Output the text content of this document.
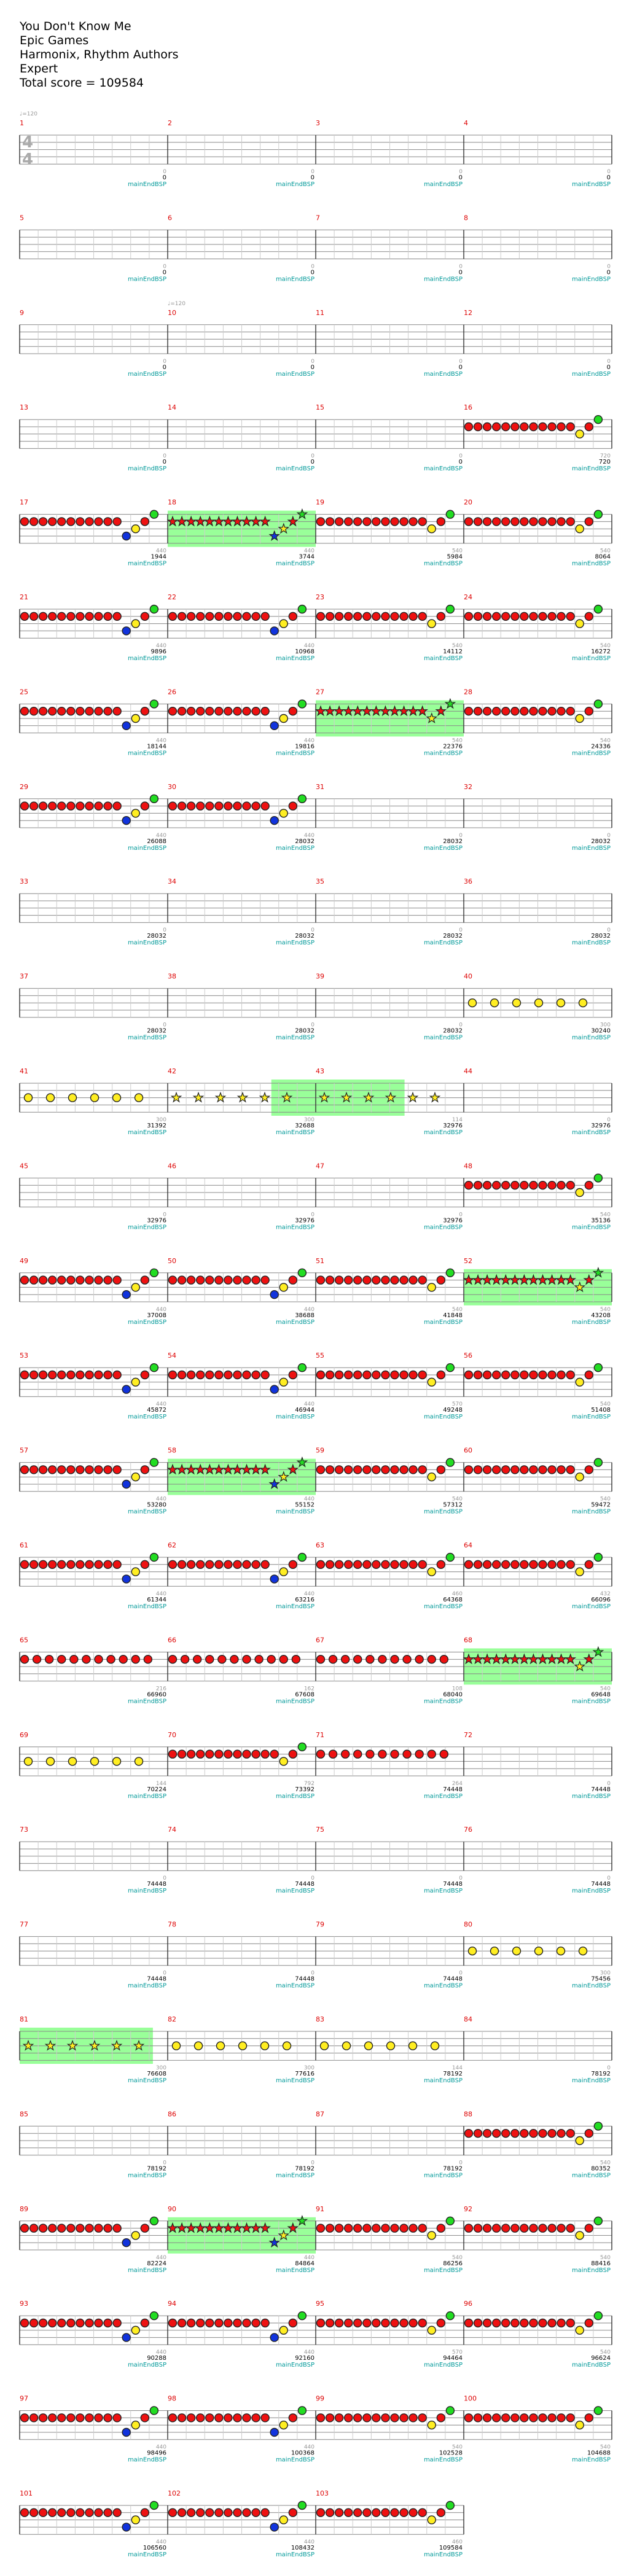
You Don't Know Me
Epic Games
Harmonix, Rhythm Authors
Expert
Total score = 109584
1
0
0
mainEndBSP
2
0
0
mainEndBSP
3
0
0
mainEndBSP
4
0
0
mainEndBSP
5
0
0
mainEndBSP
6
0
0
mainEndBSP
7
0
0
mainEndBSP
8
0
0
mainEndBSP
9
0
0
mainEndBSP
10
0
0
mainEndBSP
11
0
0
mainEndBSP
12
0
0
mainEndBSP
13
0
0
mainEndBSP
14
0
0
mainEndBSP
15
0
0
mainEndBSP
16
720
720
mainEndBSP
17
440
1944
mainEndBSP
18
440
3744
mainEndBSP
19
540
5984
mainEndBSP
20
540
8064
mainEndBSP
21
440
9896
mainEndBSP
22
440
10968
mainEndBSP
23
540
14112
mainEndBSP
24
540
16272
mainEndBSP
25
440
18144
mainEndBSP
26
440
19816
mainEndBSP
27
540
22376
mainEndBSP
28
540
24336
mainEndBSP
29
440
26088
mainEndBSP
30
440
28032
mainEndBSP
31
0
28032
mainEndBSP
32
0
28032
mainEndBSP
33
0
28032
mainEndBSP
34
0
28032
mainEndBSP
35
0
28032
mainEndBSP
36
0
28032
mainEndBSP
37
0
28032
mainEndBSP
38
0
28032
mainEndBSP
39
0
28032
mainEndBSP
40
300
30240
mainEndBSP
41
300
31392
mainEndBSP
42
300
32688
mainEndBSP
43
114
32976
mainEndBSP
44
0
32976
mainEndBSP
45
0
32976
mainEndBSP
46
0
32976
mainEndBSP
47
0
32976
mainEndBSP
48
540
35136
mainEndBSP
49
440
37008
mainEndBSP
50
440
38688
mainEndBSP
51
540
41848
mainEndBSP
52
540
43208
mainEndBSP
53
440
45872
mainEndBSP
54
440
46944
mainEndBSP
55
570
49248
mainEndBSP
56
540
51408
mainEndBSP
57
440
53280
mainEndBSP
58
440
55152
mainEndBSP
59
540
57312
mainEndBSP
60
540
59472
mainEndBSP
61
440
61344
mainEndBSP
62
440
63216
mainEndBSP
63
460
64368
mainEndBSP
64
432
66096
mainEndBSP
65
216
66960
mainEndBSP
66
162
67608
mainEndBSP
67
108
68040
mainEndBSP
68
540
69648
mainEndBSP
69
144
70224
mainEndBSP
70
792
73392
mainEndBSP
71
264
74448
mainEndBSP
72
0
74448
mainEndBSP
73
0
74448
mainEndBSP
74
0
74448
mainEndBSP
75
0
74448
mainEndBSP
76
0
74448
mainEndBSP
77
0
74448
mainEndBSP
78
0
74448
mainEndBSP
79
0
74448
mainEndBSP
80
300
75456
mainEndBSP
81
300
76608
mainEndBSP
82
300
77616
mainEndBSP
83
144
78192
mainEndBSP
84
0
78192
mainEndBSP
85
0
78192
mainEndBSP
86
0
78192
mainEndBSP
87
0
78192
mainEndBSP
88
540
80352
mainEndBSP
89
440
82224
mainEndBSP
90
440
84864
mainEndBSP
91
540
86256
mainEndBSP
92
540
88416
mainEndBSP
93
440
90288
mainEndBSP
94
440
92160
mainEndBSP
95
570
94464
mainEndBSP
96
540
96624
mainEndBSP
97
440
98496
mainEndBSP
98
440
100368
mainEndBSP
99
540
102528
mainEndBSP
100
540
104688
mainEndBSP
101
440
106560
mainEndBSP
102
440
108432
mainEndBSP
103
460
109584
mainEndBSP
4
4
♩=120
♩=120
